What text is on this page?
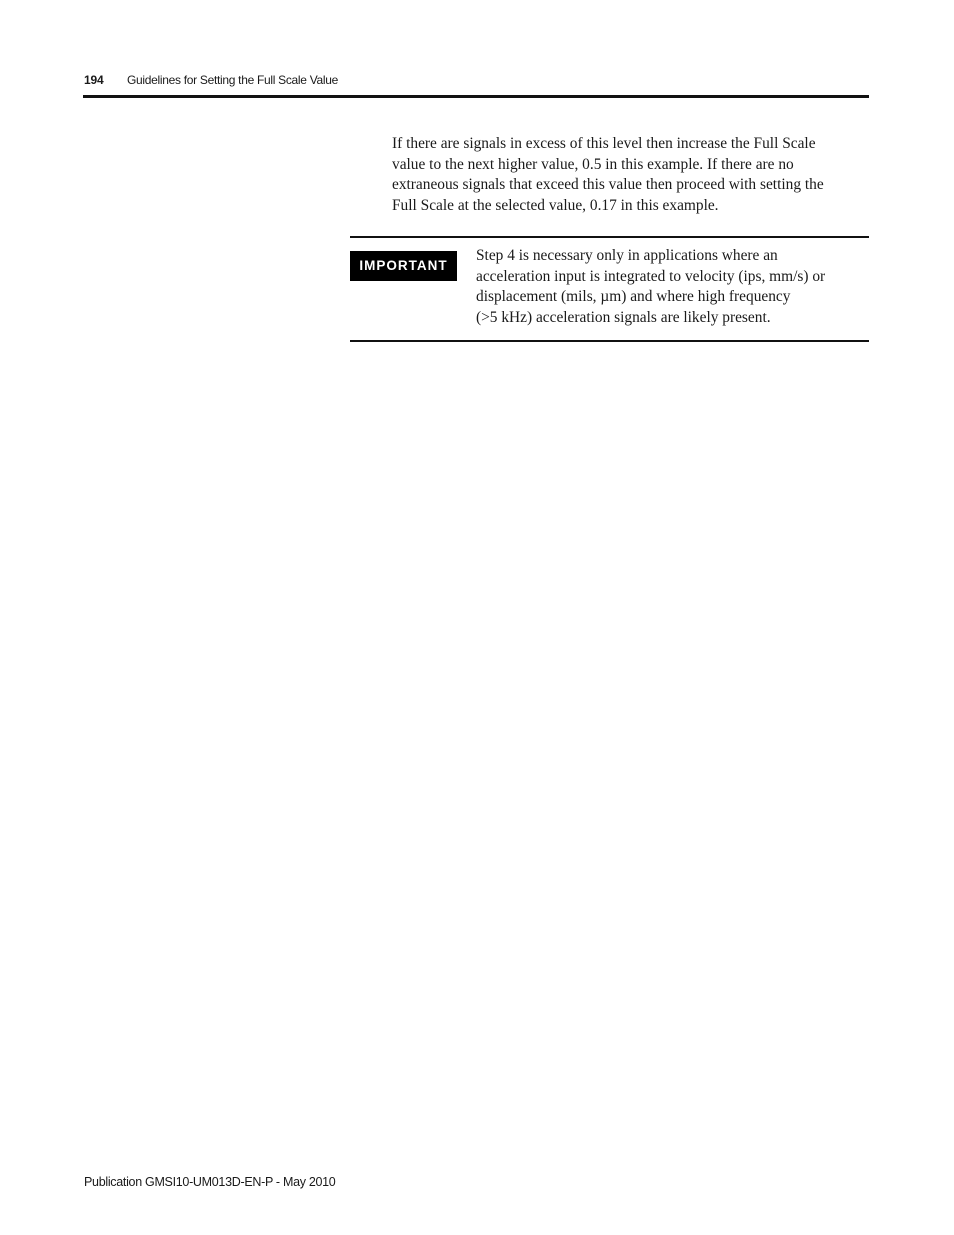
194 Guidelines for Setting the Full Scale Value

If there are signals in excess of this level then increase the Full Scale
value to the next higher value, 0.5 in this example. If there are no
extraneous signals that exceed this value then proceed with setting the
Full Scale at the selected value, 0.17 in this example.

IMPORTANT

Step 4 is necessary only in applications where an
acceleration input is integrated to velocity (ips, mm/s) or
displacement (mils, µm) and where high frequency
(>5 kHz) acceleration signals are likely present.

Publication GMSI10-UM013D-EN-P - May 2010
